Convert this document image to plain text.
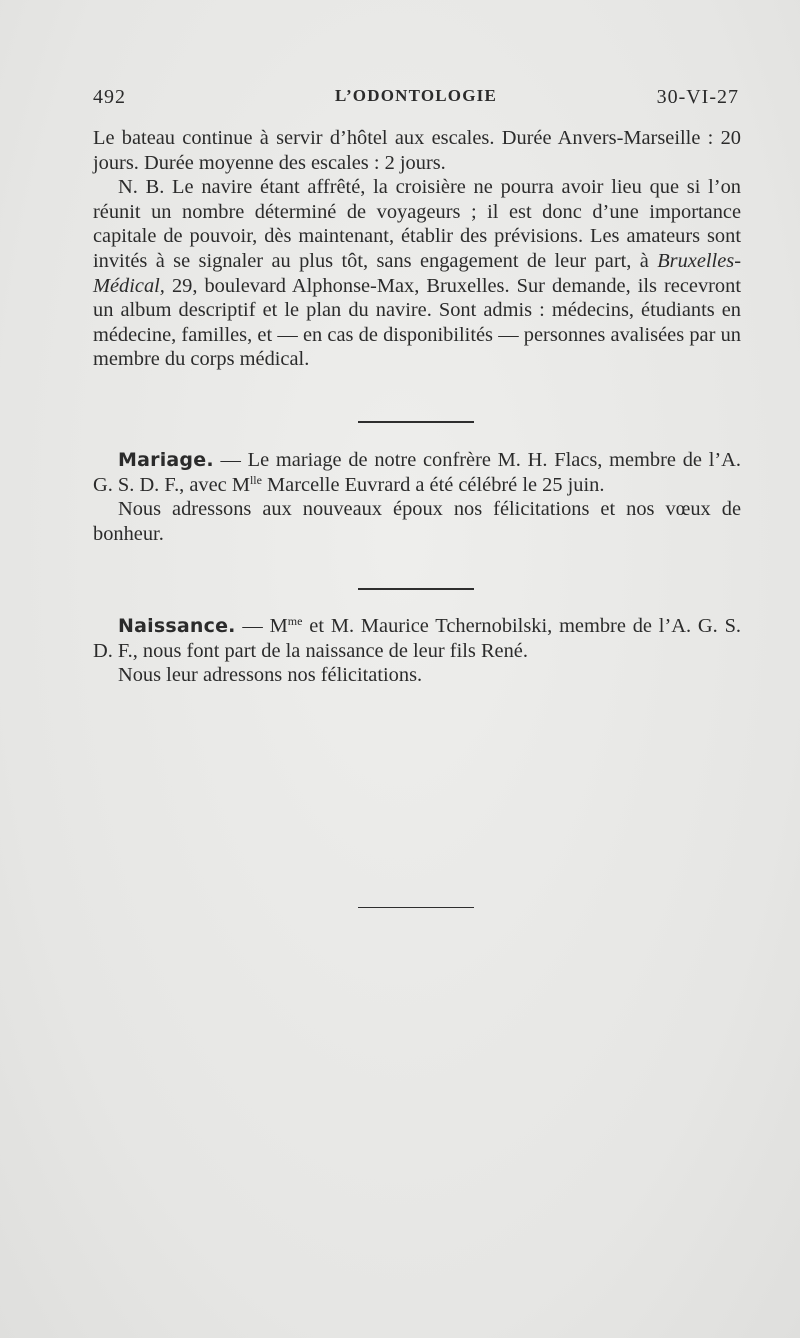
492	L’ODONTOLOGIE	30-VI-27

Le bateau continue à servir d’hôtel aux escales. Durée Anvers-Marseille : 20 jours. Durée moyenne des escales : 2 jours.

N. B. Le navire étant affrêté, la croisière ne pourra avoir lieu que si l’on réunit un nombre déterminé de voyageurs ; il est donc d’une importance capitale de pouvoir, dès maintenant, établir des prévisions. Les amateurs sont invités à se signaler au plus tôt, sans engagement de leur part, à Bruxelles-Médical, 29, boulevard Alphonse-Max, Bruxelles. Sur demande, ils recevront un album descriptif et le plan du navire. Sont admis : médecins, étudiants en médecine, familles, et — en cas de disponibilités — personnes avalisées par un membre du corps médical.

Mariage. — Le mariage de notre confrère M. H. Flacs, membre de l’A. G. S. D. F., avec $M^{lle}$ Marcelle Euvrard a été célébré le 25 juin.

Nous adressons aux nouveaux époux nos félicitations et nos vœux de bonheur.

Naissance. — $M^{me}$ et M. Maurice Tchernobilski, membre de l’A. G. S. D. F., nous font part de la naissance de leur fils René.

Nous leur adressons nos félicitations.
